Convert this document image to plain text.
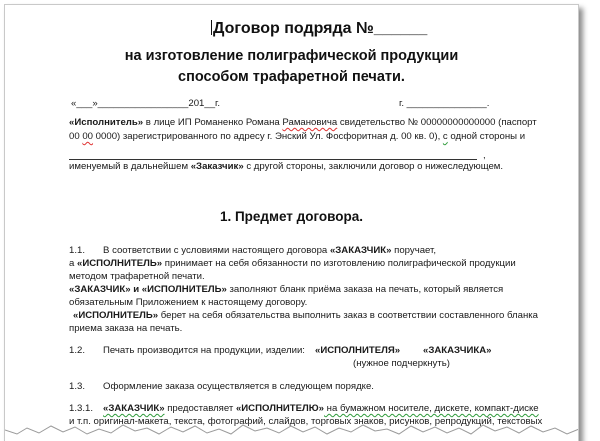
Договор подряда №______
на изготовление полиграфической продукции
способом трафаретной печати.
«___»_________________201__г.	г. _______________.
«Исполнитель» в лице ИП Романенко Романа Рамановича свидетельство № 00000000000000 (паспорт
00 00 0000) зарегистрированного по адресу г. Энский Ул. Фосфоритная д. 00 кв. 0), с одной стороны и
,
именуемый в дальнейшем «Заказчик» с другой стороны, заключили договор о нижеследующем.
1. Предмет договора.
1.1. В соответствии с условиями настоящего договора «ЗАКАЗЧИК» поручает,
а «ИСПОЛНИТЕЛЬ» принимает на себя обязанности по изготовлению полиграфической продукции
методом трафаретной печати.
«ЗАКАЗЧИК» и «ИСПОЛНИТЕЛЬ» заполняют бланк приёма заказа на печать, который является
обязательным Приложением к настоящему договору.
«ИСПОЛНИТЕЛЬ» берет на себя обязательства выполнить заказ в соответствии составленного бланка
приема заказа на печать.
1.2. Печать производится на продукции, изделии: «ИСПОЛНИТЕЛЯ» «ЗАКАЗЧИКА»
(нужное подчеркнуть)
1.3. Оформление заказа осуществляется в следующем порядке.
1.3.1. «ЗАКАЗЧИК» предоставляет «ИСПОЛНИТЕЛЮ» на бумажном носителе, дискете, компакт-диске
и т.п. оригинал-макета, текста, фотографий, слайдов, торговых знаков, рисунков, репродукций, текстовых
